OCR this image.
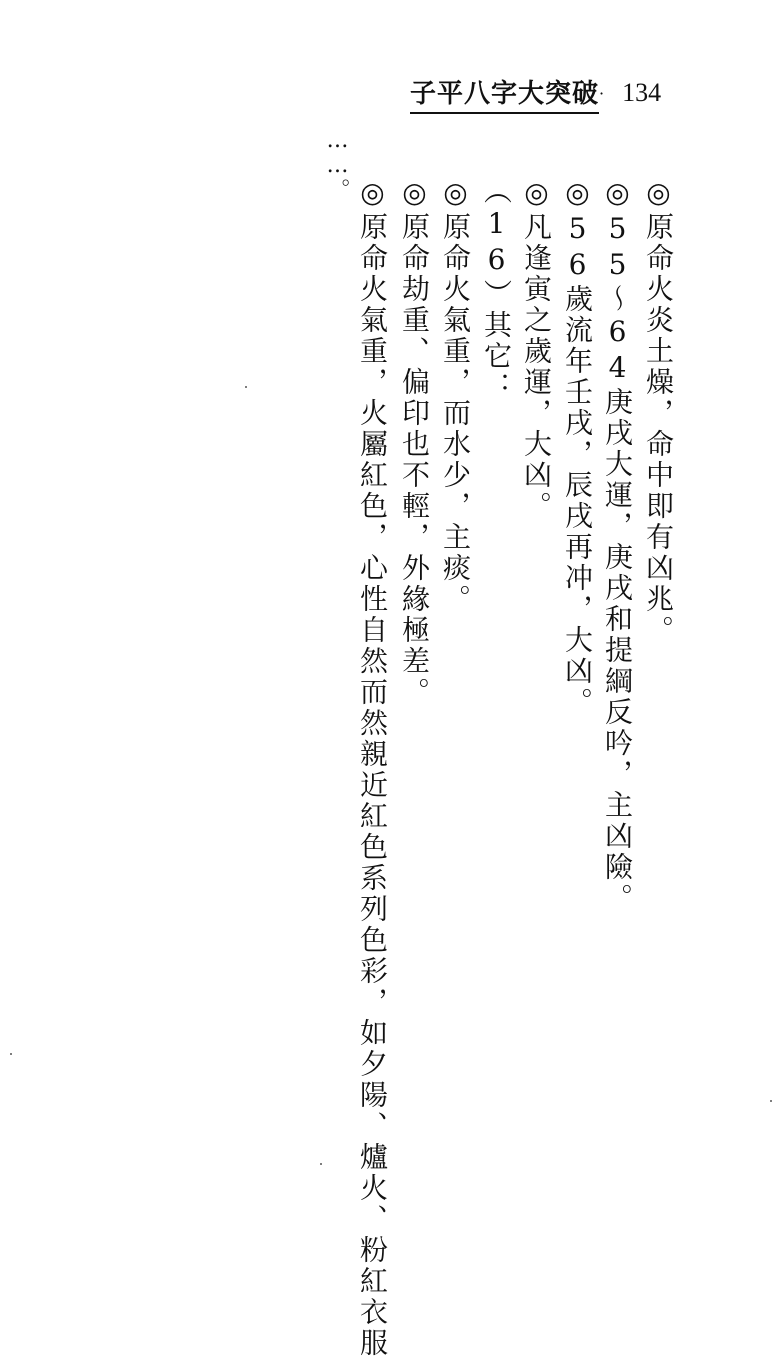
子平八字大突破 · 134
◎原命火炎土燥，命中即有凶兆。
◎55～64庚戌大運，庚戌和提綱反吟，主凶險。
◎56歲流年壬戌，辰戌再冲，大凶。
◎凡逢寅之歲運，大凶。
（16）其它：
◎原命火氣重，而水少，主痰。
◎原命劫重、偏印也不輕，外緣極差。
◎原命火氣重，火屬紅色，心性自然而然親近紅色系列色彩，如夕陽、爐火、粉紅衣服
……。
